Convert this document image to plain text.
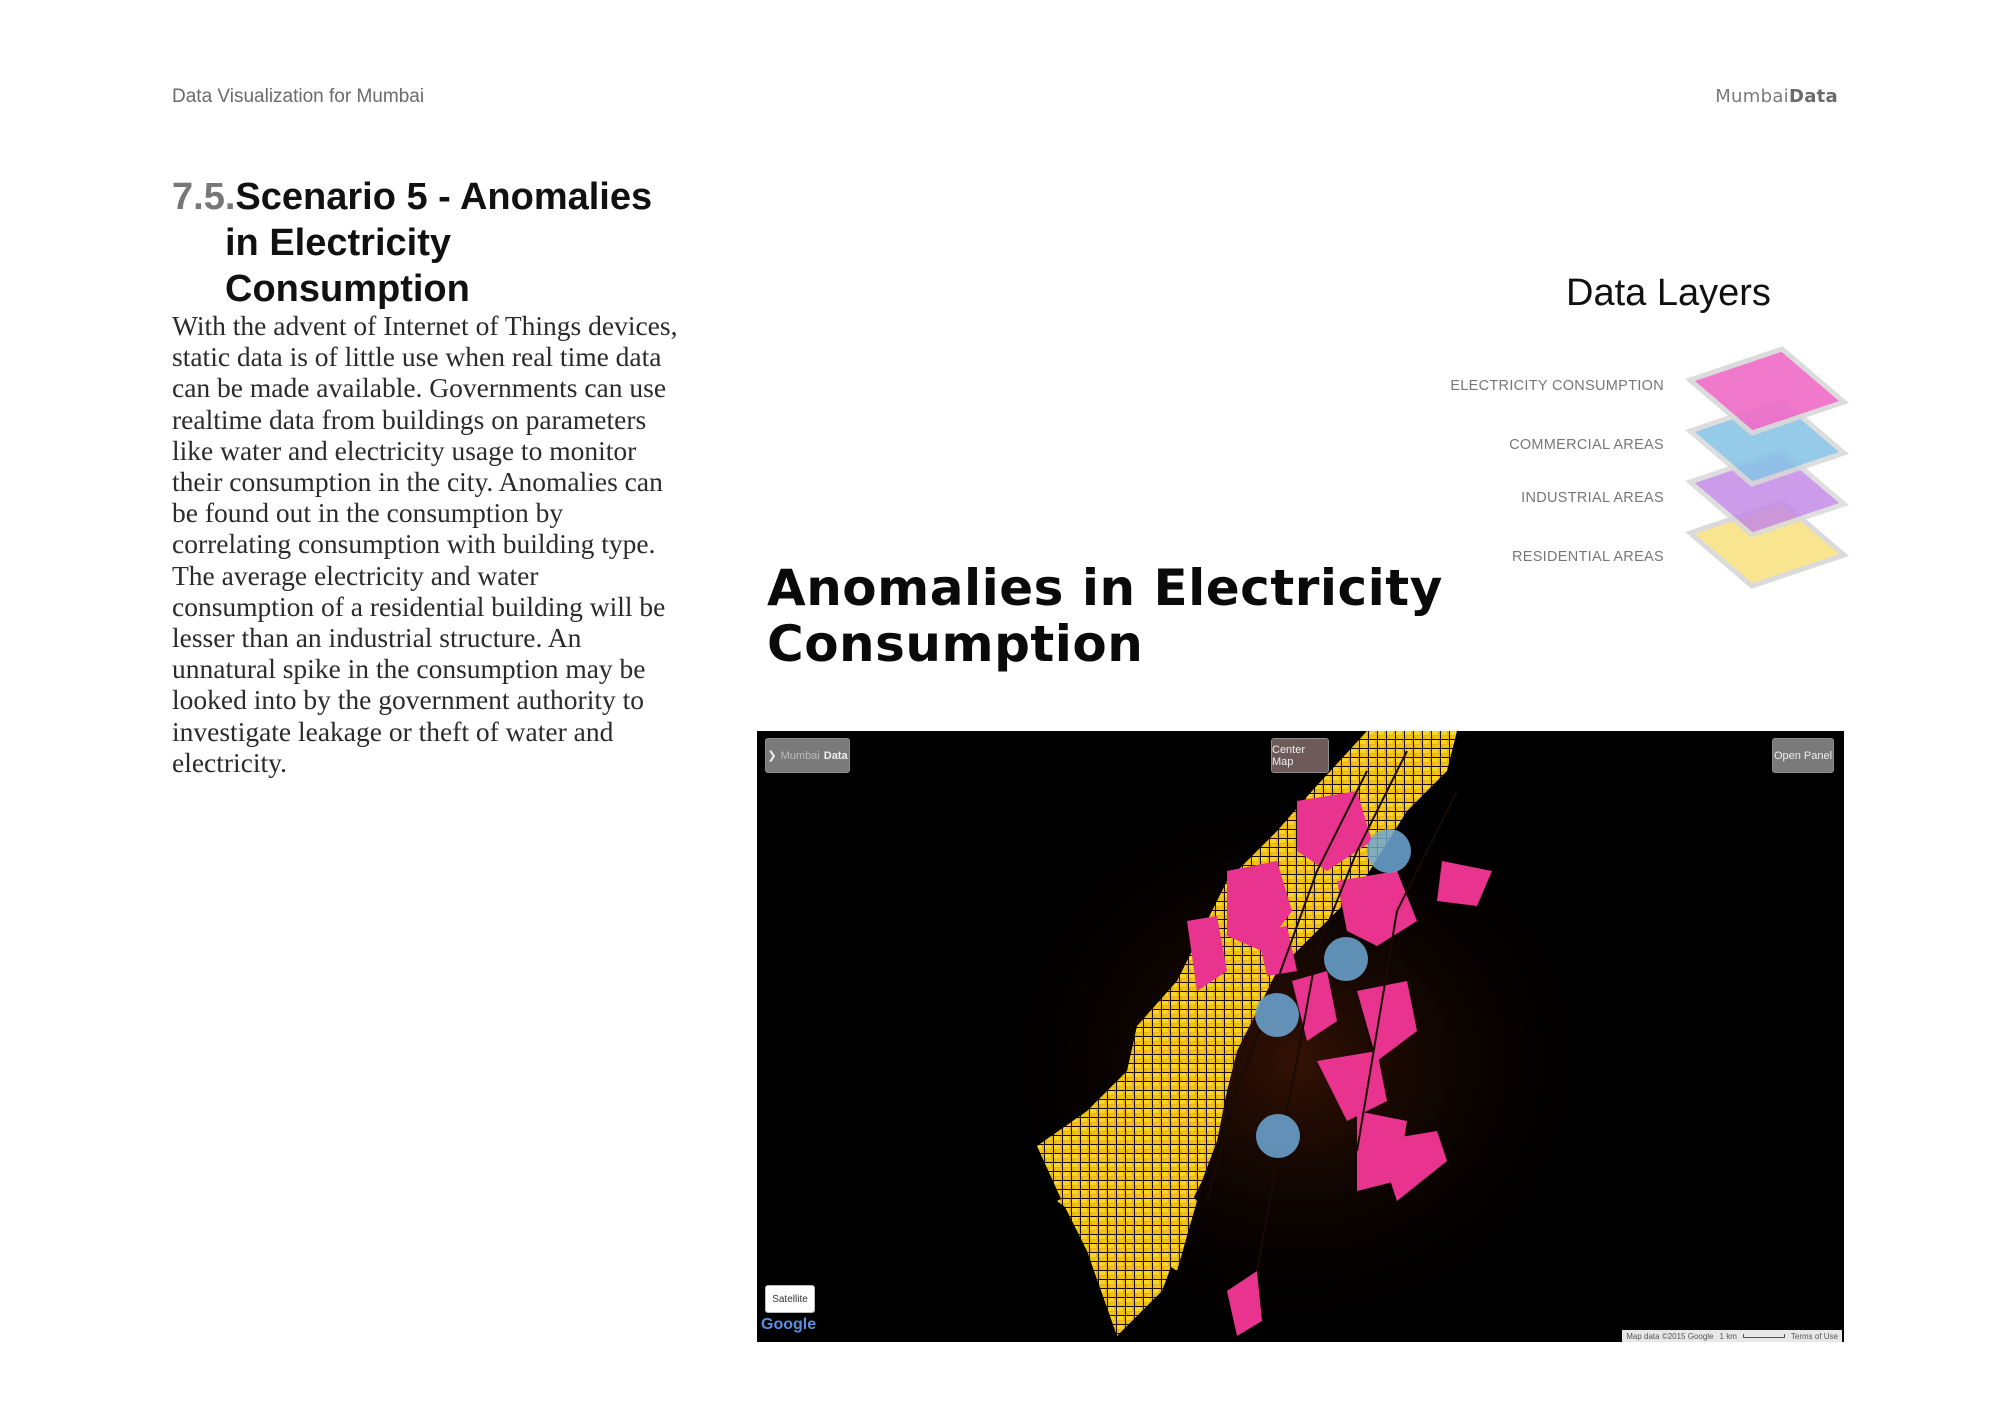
Data Visualization for Mumbai	MumbaiData
7.5.Scenario 5 - Anomalies
in Electricity
Consumption
With the advent of Internet of Things devices, static data is of little use when real time data can be made available. Governments can use realtime data from buildings on parameters like water and electricity usage to monitor their consumption in the city. Anomalies can be found out in the consumption by correlating consumption with building type. The average electricity and water consumption of a residential building will be lesser than an industrial structure. An unnatural spike in the consumption may be looked into by the government authority to investigate leakage or theft of water and electricity.
Anomalies in Electricity Consumption
Data Layers
ELECTRICITY CONSUMPTION
COMMERCIAL AREAS
INDUSTRIAL AREAS
RESIDENTIAL AREAS
❯ Mumbai Data	Center Map	Open Panel
Satellite
Google
Map data ©2015 Google 1 km	Terms of Use
